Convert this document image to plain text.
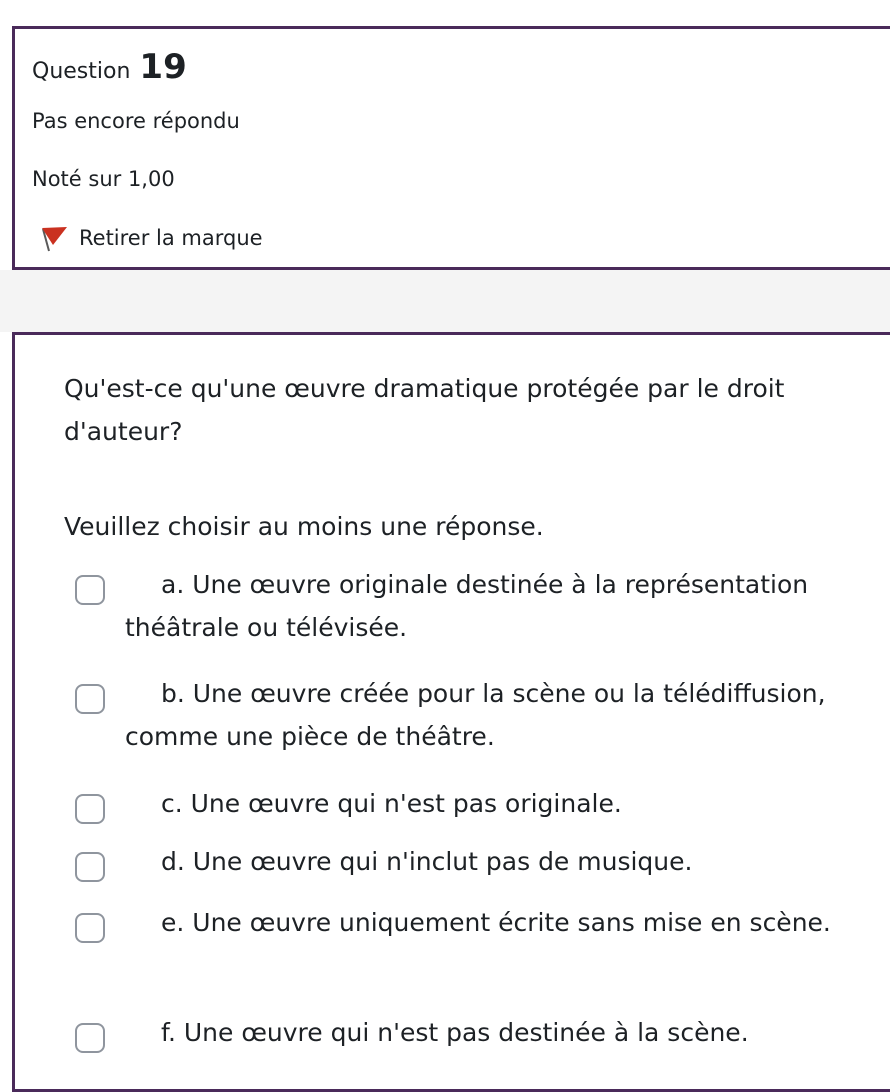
Question 19
Pas encore répondu
Noté sur 1,00
Retirer la marque
Qu'est-ce qu'une œuvre dramatique protégée par le droit d'auteur?
Veuillez choisir au moins une réponse.
a. Une œuvre originale destinée à la représentation théâtrale ou télévisée.
b. Une œuvre créée pour la scène ou la télédiffusion, comme une pièce de théâtre.
c. Une œuvre qui n'est pas originale.
d. Une œuvre qui n'inclut pas de musique.
e. Une œuvre uniquement écrite sans mise en scène.
f. Une œuvre qui n'est pas destinée à la scène.
